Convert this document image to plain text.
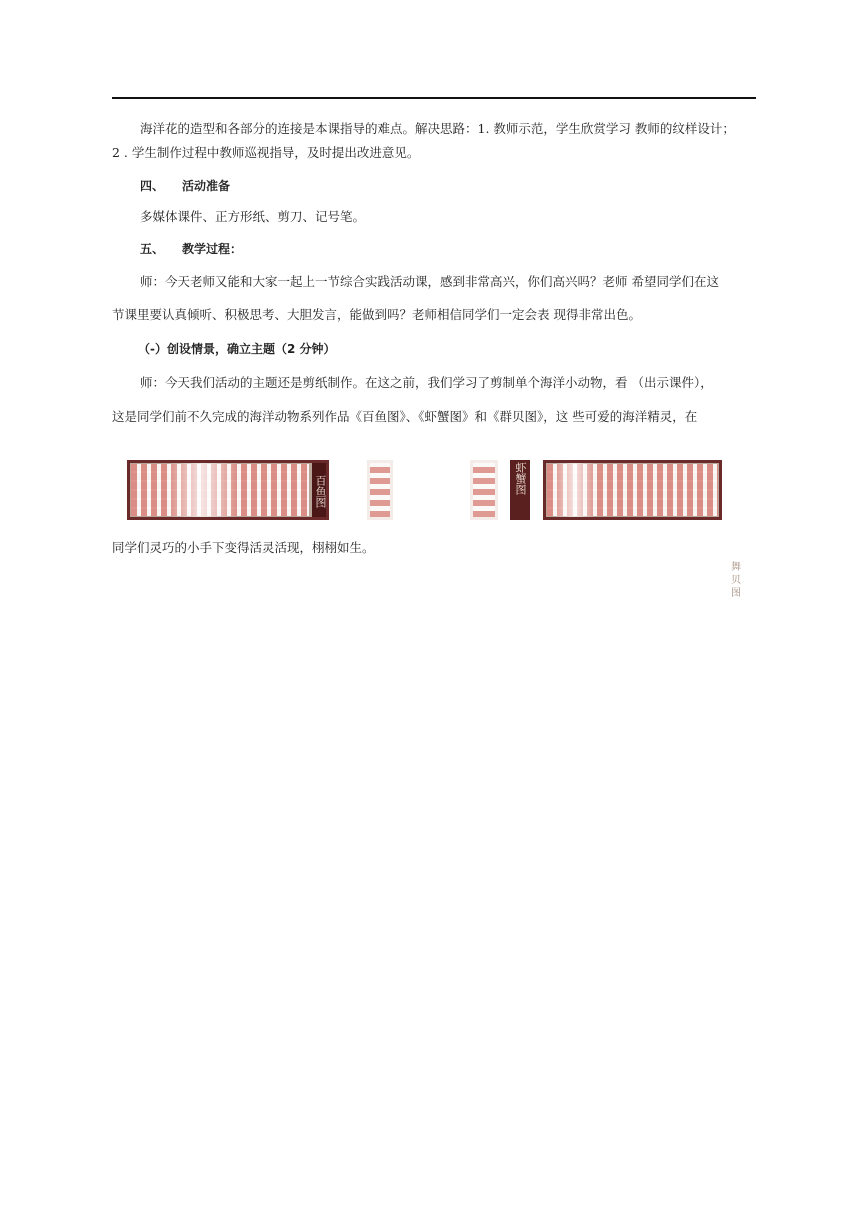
海洋花的造型和各部分的连接是本课指导的难点。解决思路：1. 教师示范，学生欣赏学习 教师的纹样设计；
2 . 学生制作过程中教师巡视指导，及时提出改进意见。
四、 活动准备
多媒体课件、正方形纸、剪刀、记号笔。
五、 教学过程：
师：今天老师又能和大家一起上一节综合实践活动课，感到非常高兴，你们高兴吗？老师 希望同学们在这
节课里要认真倾听、积极思考、大胆发言，能做到吗？老师相信同学们一定会表 现得非常出色。
（-）创设情景，确立主题（2 分钟）
师：今天我们活动的主题还是剪纸制作。在这之前，我们学习了剪制单个海洋小动物，看 （出示课件），
这是同学们前不久完成的海洋动物系列作品《百鱼图》、《虾蟹图》和《群贝图》，这 些可爱的海洋精灵，在
百鱼图	虾蟹图
同学们灵巧的小手下变得活灵活现，栩栩如生。
舞贝图
